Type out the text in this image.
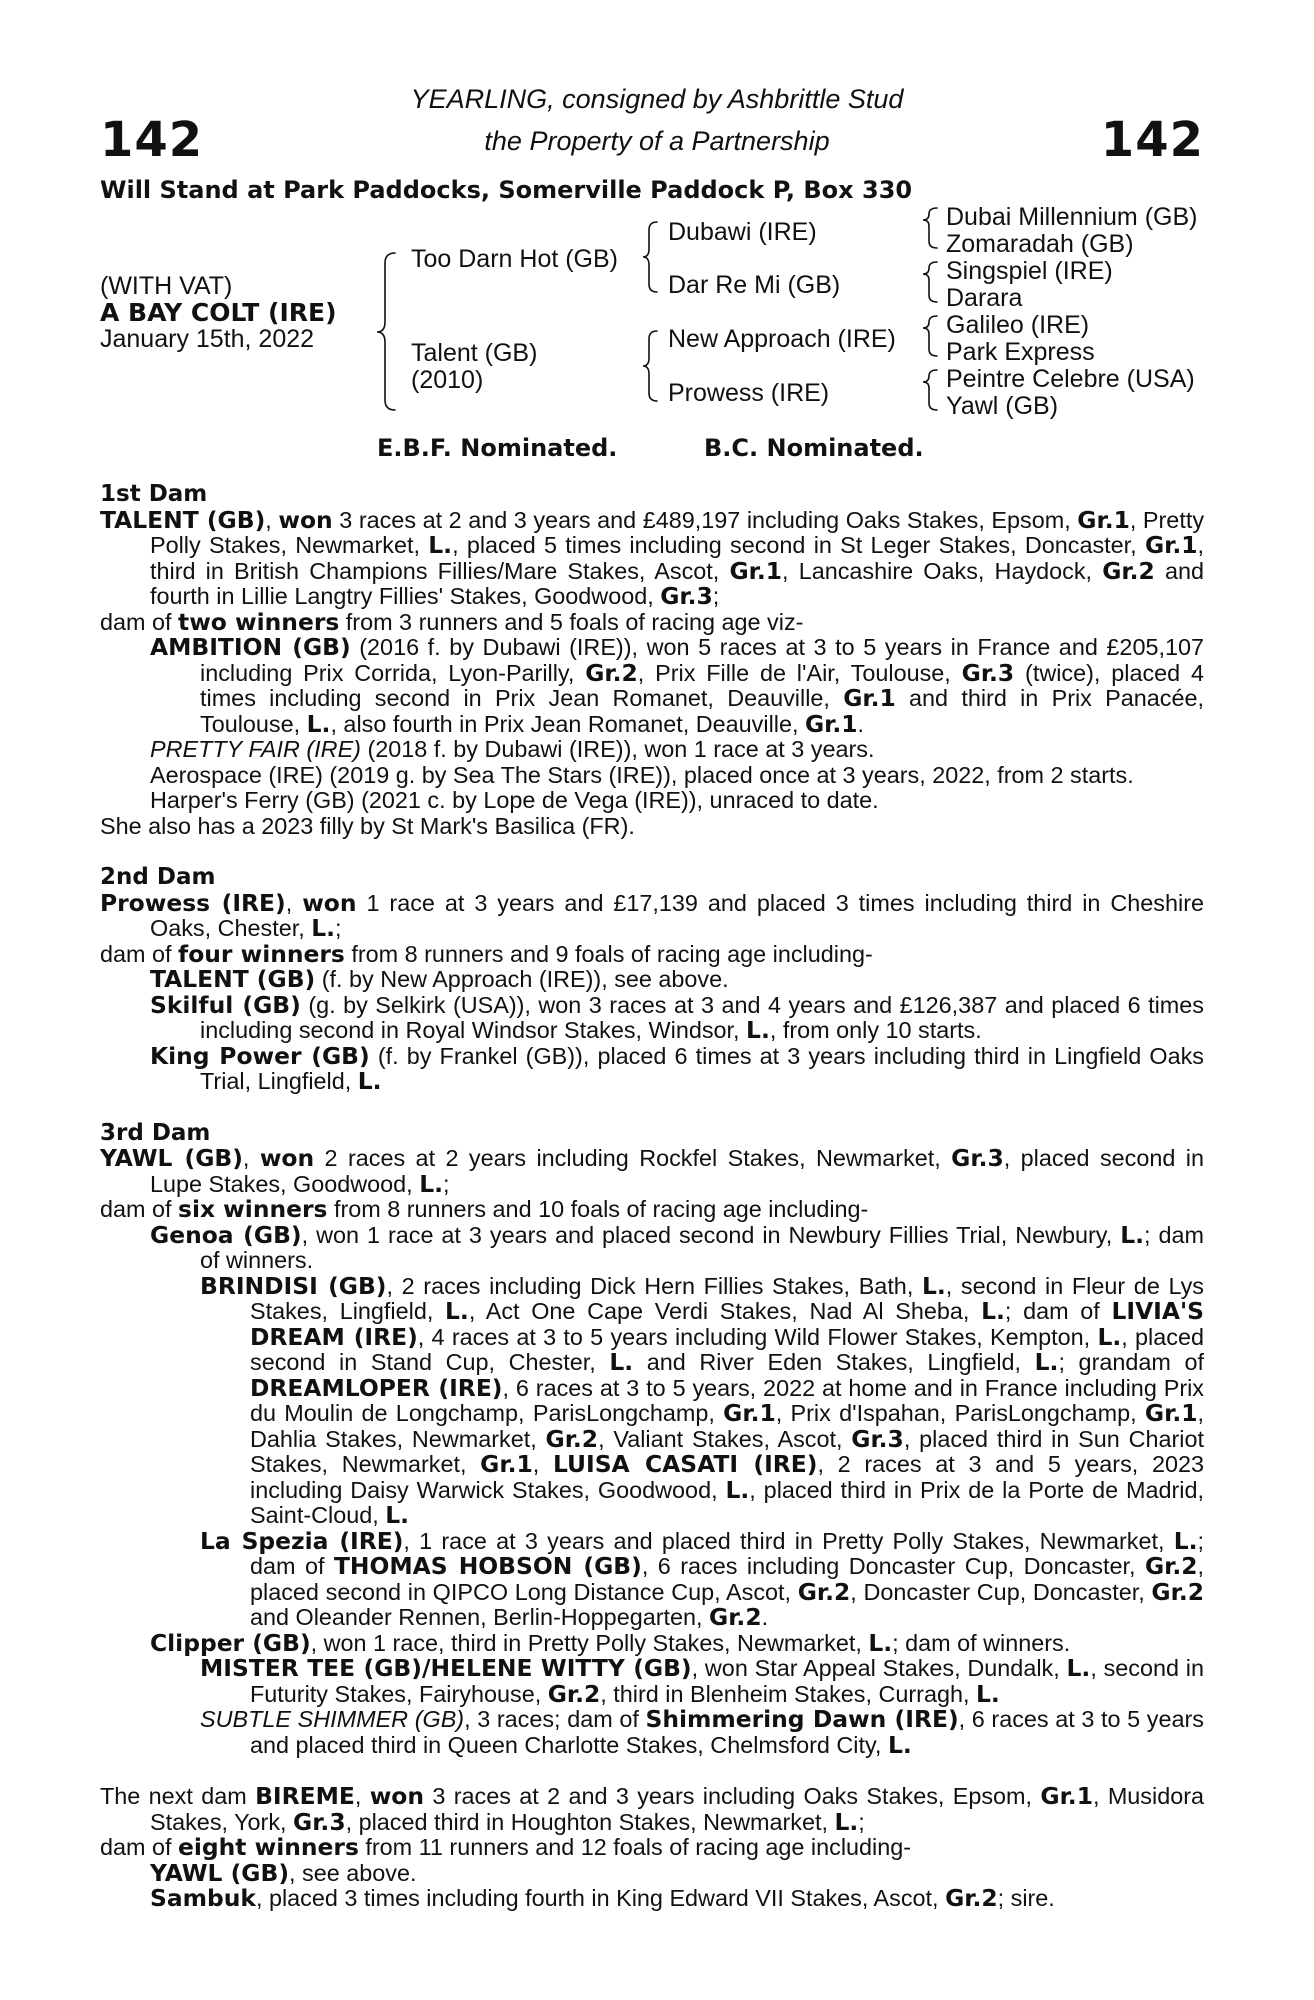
142	142
YEARLING, consigned by Ashbrittle Stud
the Property of a Partnership
Will Stand at Park Paddocks, Somerville Paddock P, Box 330
(WITH VAT)
A BAY COLT (IRE)
January 15th, 2022
Too Darn Hot (GB)
Talent (GB)
(2010)
Dubawi (IRE)
Dar Re Mi (GB)
New Approach (IRE)
Prowess (IRE)
Dubai Millennium (GB)
Zomaradah (GB)
Singspiel (IRE)
Darara
Galileo (IRE)
Park Express
Peintre Celebre (USA)
Yawl (GB)
E.B.F. Nominated.	B.C. Nominated.
1st Dam
TALENT (GB), won 3 races at 2 and 3 years and £489,197 including Oaks Stakes, Epsom, Gr.1, Pretty Polly Stakes, Newmarket, L., placed 5 times including second in St Leger Stakes, Doncaster, Gr.1, third in British Champions Fillies/Mare Stakes, Ascot, Gr.1, Lancashire Oaks, Haydock, Gr.2 and fourth in Lillie Langtry Fillies' Stakes, Goodwood, Gr.3;
dam of two winners from 3 runners and 5 foals of racing age viz-
AMBITION (GB) (2016 f. by Dubawi (IRE)), won 5 races at 3 to 5 years in France and £205,107 including Prix Corrida, Lyon-Parilly, Gr.2, Prix Fille de l'Air, Toulouse, Gr.3 (twice), placed 4 times including second in Prix Jean Romanet, Deauville, Gr.1 and third in Prix Panacée, Toulouse, L., also fourth in Prix Jean Romanet, Deauville, Gr.1.
PRETTY FAIR (IRE) (2018 f. by Dubawi (IRE)), won 1 race at 3 years.
Aerospace (IRE) (2019 g. by Sea The Stars (IRE)), placed once at 3 years, 2022, from 2 starts.
Harper's Ferry (GB) (2021 c. by Lope de Vega (IRE)), unraced to date.
She also has a 2023 filly by St Mark's Basilica (FR).
2nd Dam
Prowess (IRE), won 1 race at 3 years and £17,139 and placed 3 times including third in Cheshire Oaks, Chester, L.;
dam of four winners from 8 runners and 9 foals of racing age including-
TALENT (GB) (f. by New Approach (IRE)), see above.
Skilful (GB) (g. by Selkirk (USA)), won 3 races at 3 and 4 years and £126,387 and placed 6 times including second in Royal Windsor Stakes, Windsor, L., from only 10 starts.
King Power (GB) (f. by Frankel (GB)), placed 6 times at 3 years including third in Lingfield Oaks Trial, Lingfield, L.
3rd Dam
YAWL (GB), won 2 races at 2 years including Rockfel Stakes, Newmarket, Gr.3, placed second in Lupe Stakes, Goodwood, L.;
dam of six winners from 8 runners and 10 foals of racing age including-
Genoa (GB), won 1 race at 3 years and placed second in Newbury Fillies Trial, Newbury, L.; dam of winners.
BRINDISI (GB), 2 races including Dick Hern Fillies Stakes, Bath, L., second in Fleur de Lys Stakes, Lingfield, L., Act One Cape Verdi Stakes, Nad Al Sheba, L.; dam of LIVIA'S DREAM (IRE), 4 races at 3 to 5 years including Wild Flower Stakes, Kempton, L., placed second in Stand Cup, Chester, L. and River Eden Stakes, Lingfield, L.; grandam of DREAMLOPER (IRE), 6 races at 3 to 5 years, 2022 at home and in France including Prix du Moulin de Longchamp, ParisLongchamp, Gr.1, Prix d'Ispahan, ParisLongchamp, Gr.1, Dahlia Stakes, Newmarket, Gr.2, Valiant Stakes, Ascot, Gr.3, placed third in Sun Chariot Stakes, Newmarket, Gr.1, LUISA CASATI (IRE), 2 races at 3 and 5 years, 2023 including Daisy Warwick Stakes, Goodwood, L., placed third in Prix de la Porte de Madrid, Saint-Cloud, L.
La Spezia (IRE), 1 race at 3 years and placed third in Pretty Polly Stakes, Newmarket, L.; dam of THOMAS HOBSON (GB), 6 races including Doncaster Cup, Doncaster, Gr.2, placed second in QIPCO Long Distance Cup, Ascot, Gr.2, Doncaster Cup, Doncaster, Gr.2 and Oleander Rennen, Berlin-Hoppegarten, Gr.2.
Clipper (GB), won 1 race, third in Pretty Polly Stakes, Newmarket, L.; dam of winners.
MISTER TEE (GB)/HELENE WITTY (GB), won Star Appeal Stakes, Dundalk, L., second in Futurity Stakes, Fairyhouse, Gr.2, third in Blenheim Stakes, Curragh, L.
SUBTLE SHIMMER (GB), 3 races; dam of Shimmering Dawn (IRE), 6 races at 3 to 5 years and placed third in Queen Charlotte Stakes, Chelmsford City, L.
The next dam BIREME, won 3 races at 2 and 3 years including Oaks Stakes, Epsom, Gr.1, Musidora Stakes, York, Gr.3, placed third in Houghton Stakes, Newmarket, L.;
dam of eight winners from 11 runners and 12 foals of racing age including-
YAWL (GB), see above.
Sambuk, placed 3 times including fourth in King Edward VII Stakes, Ascot, Gr.2; sire.
